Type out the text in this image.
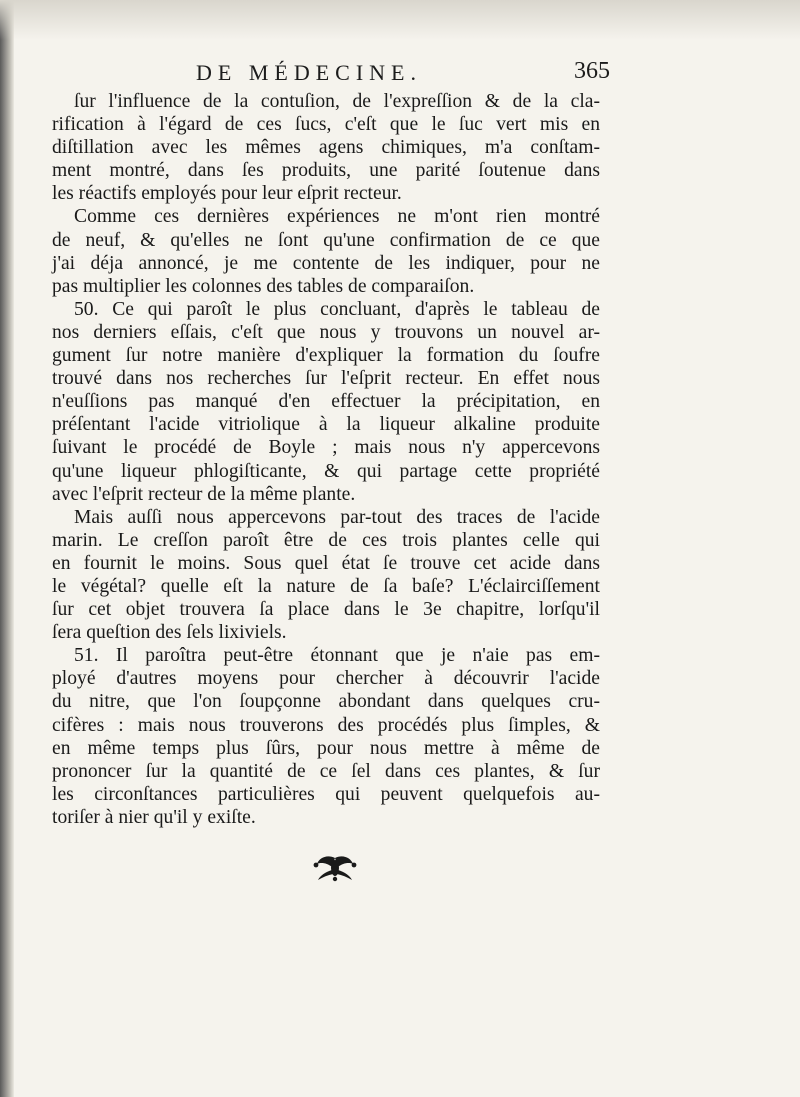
DE MÉDECINE.	365

ſur l'influence de la contuſion, de l'expreſſion & de la cla-
rification à l'égard de ces ſucs, c'eſt que le ſuc vert mis en
diſtillation avec les mêmes agens chimiques, m'a conſtam-
ment montré, dans ſes produits, une parité ſoutenue dans
les réactifs employés pour leur eſprit recteur.

Comme ces dernières expériences ne m'ont rien montré
de neuf, & qu'elles ne ſont qu'une confirmation de ce que
j'ai déja annoncé, je me contente de les indiquer, pour ne
pas multiplier les colonnes des tables de comparaiſon.

50. Ce qui paroît le plus concluant, d'après le tableau de
nos derniers eſſais, c'eſt que nous y trouvons un nouvel ar-
gument ſur notre manière d'expliquer la formation du ſoufre
trouvé dans nos recherches ſur l'eſprit recteur. En effet nous
n'euſſions pas manqué d'en effectuer la précipitation, en
préſentant l'acide vitriolique à la liqueur alkaline produite
ſuivant le procédé de Boyle ; mais nous n'y appercevons
qu'une liqueur phlogiſticante, & qui partage cette propriété
avec l'eſprit recteur de la même plante.

Mais auſſi nous appercevons par-tout des traces de l'acide
marin. Le creſſon paroît être de ces trois plantes celle qui
en fournit le moins. Sous quel état ſe trouve cet acide dans
le végétal? quelle eſt la nature de ſa baſe? L'éclairciſſement
ſur cet objet trouvera ſa place dans le 3e chapitre, lorſqu'il
ſera queſtion des ſels lixiviels.

51. Il paroîtra peut-être étonnant que je n'aie pas em-
ployé d'autres moyens pour chercher à découvrir l'acide
du nitre, que l'on ſoupçonne abondant dans quelques cru-
cifères : mais nous trouverons des procédés plus ſimples, &
en même temps plus ſûrs, pour nous mettre à même de
prononcer ſur la quantité de ce ſel dans ces plantes, & ſur
les circonſtances particulières qui peuvent quelquefois au-
toriſer à nier qu'il y exiſte.
